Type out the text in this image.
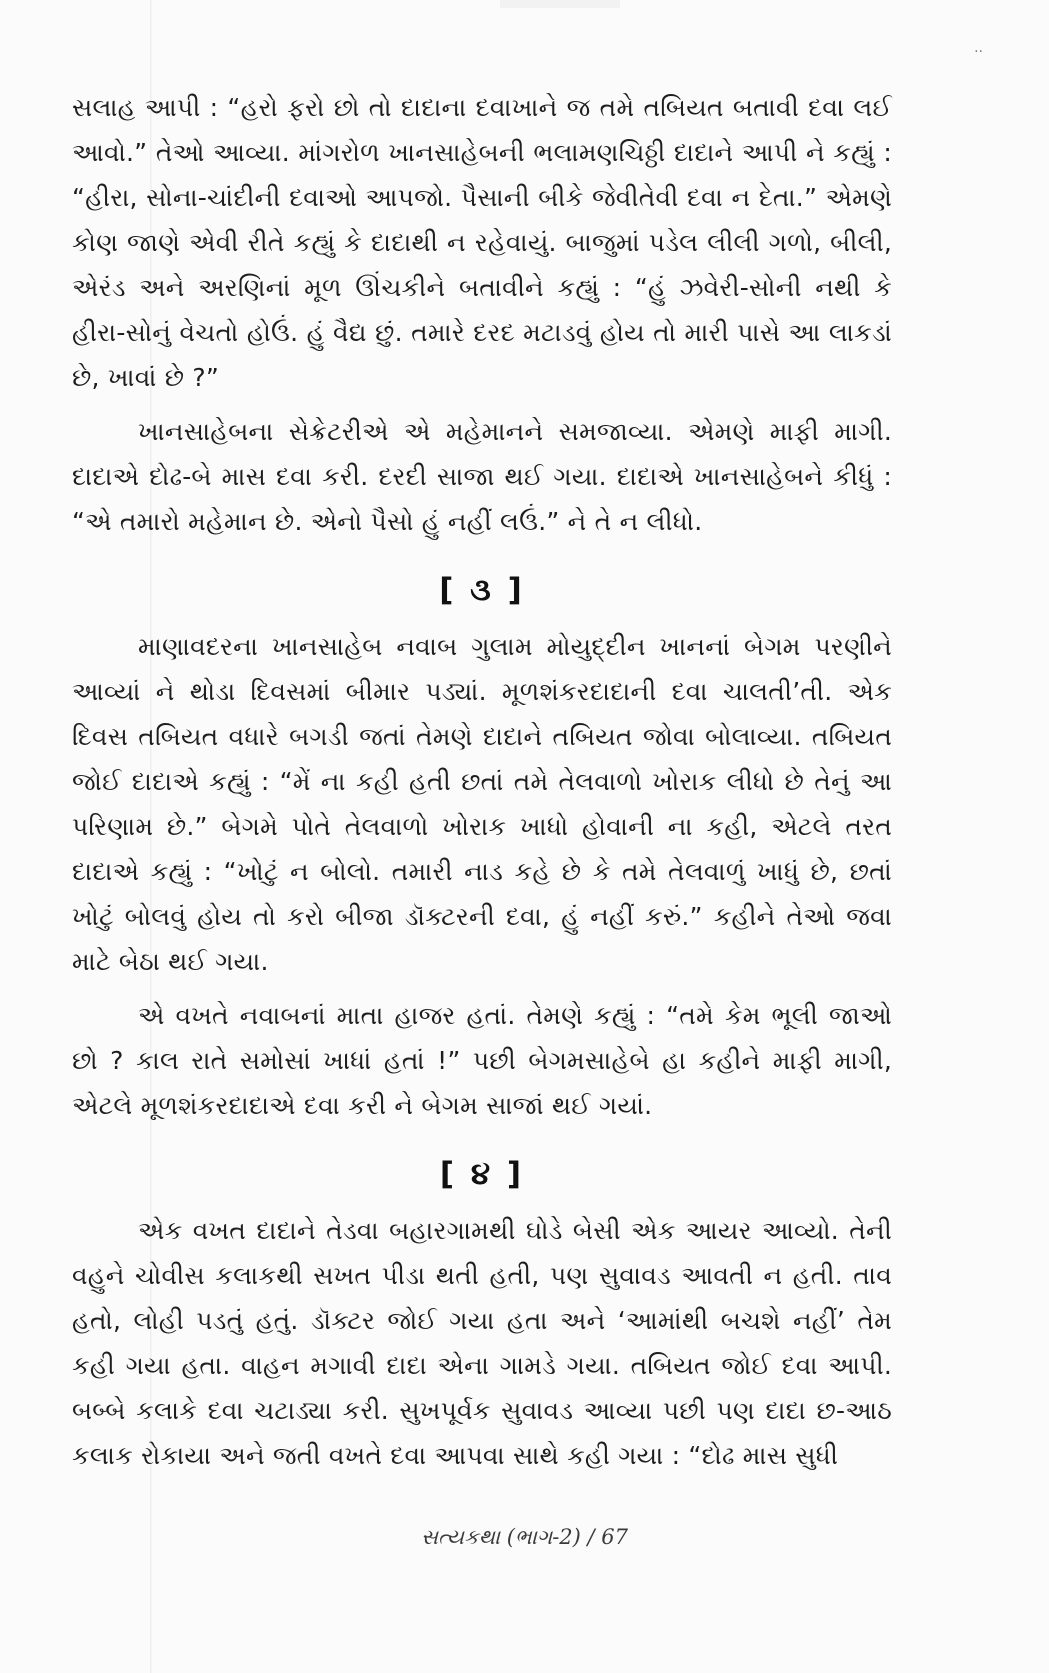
..

સલાહ આપી : “હરો ફરો છો તો દાદાના દવાખાને જ તમે તબિયત બતાવી દવા લઈ આવો.” તેઓ આવ્યા. માંગરોળ ખાનસાહેબની ભલામણચિઠ્ઠી દાદાને આપી ને કહ્યું : “હીરા, સોના-ચાંદીની દવાઓ આપજો. પૈસાની બીકે જેવીતેવી દવા ન દેતા.” એમણે કોણ જાણે એવી રીતે કહ્યું કે દાદાથી ન રહેવાયું. બાજુમાં પડેલ લીલી ગળો, બીલી, એરંડ અને અરણિનાં મૂળ ઊંચકીને બતાવીને કહ્યું : “હું ઝવેરી-સોની નથી કે હીરા-સોનું વેચતો હોઉં. હું વૈદ્ય છું. તમારે દરદ મટાડવું હોય તો મારી પાસે આ લાકડાં છે, ખાવાં છે ?”

ખાનસાહેબના સેક્રેટરીએ એ મહેમાનને સમજાવ્યા. એમણે માફી માગી. દાદાએ દોઢ-બે માસ દવા કરી. દરદી સાજા થઈ ગયા. દાદાએ ખાનસાહેબને કીધું : “એ તમારો મહેમાન છે. એનો પૈસો હું નહીં લઉં.” ને તે ન લીધો.

[ ૩ ]

માણાવદરના ખાનસાહેબ નવાબ ગુલામ મોયુદ્દીન ખાનનાં બેગમ પરણીને આવ્યાં ને થોડા દિવસમાં બીમાર પડ્યાં. મૂળશંકરદાદાની દવા ચાલતી’તી. એક દિવસ તબિયત વધારે બગડી જતાં તેમણે દાદાને તબિયત જોવા બોલાવ્યા. તબિયત જોઈ દાદાએ કહ્યું : “મેં ના કહી હતી છતાં તમે તેલવાળો ખોરાક લીધો છે તેનું આ પરિણામ છે.” બેગમે પોતે તેલવાળો ખોરાક ખાધો હોવાની ના કહી, એટલે તરત દાદાએ કહ્યું : “ખોટું ન બોલો. તમારી નાડ કહે છે કે તમે તેલવાળું ખાધું છે, છતાં ખોટું બોલવું હોય તો કરો બીજા ડૉક્ટરની દવા, હું નહીં કરું.” કહીને તેઓ જવા માટે બેઠા થઈ ગયા.

એ વખતે નવાબનાં માતા હાજર હતાં. તેમણે કહ્યું : “તમે કેમ ભૂલી જાઓ છો ? કાલ રાતે સમોસાં ખાધાં હતાં !” પછી બેગમસાહેબે હા કહીને માફી માગી, એટલે મૂળશંકરદાદાએ દવા કરી ને બેગમ સાજાં થઈ ગયાં.

[ ૪ ]

એક વખત દાદાને તેડવા બહારગામથી ઘોડે બેસી એક આયર આવ્યો. તેની વહુને ચોવીસ કલાકથી સખત પીડા થતી હતી, પણ સુવાવડ આવતી ન હતી. તાવ હતો, લોહી પડતું હતું. ડૉક્ટર જોઈ ગયા હતા અને ‘આમાંથી બચશે નહીં’ તેમ કહી ગયા હતા. વાહન મગાવી દાદા એના ગામડે ગયા. તબિયત જોઈ દવા આપી. બબ્બે કલાકે દવા ચટાડ્યા કરી. સુખપૂર્વક સુવાવડ આવ્યા પછી પણ દાદા છ-આઠ કલાક રોકાયા અને જતી વખતે દવા આપવા સાથે કહી ગયા : “દોઢ માસ સુધી

સત્યકથા (ભાગ-2) / 67
